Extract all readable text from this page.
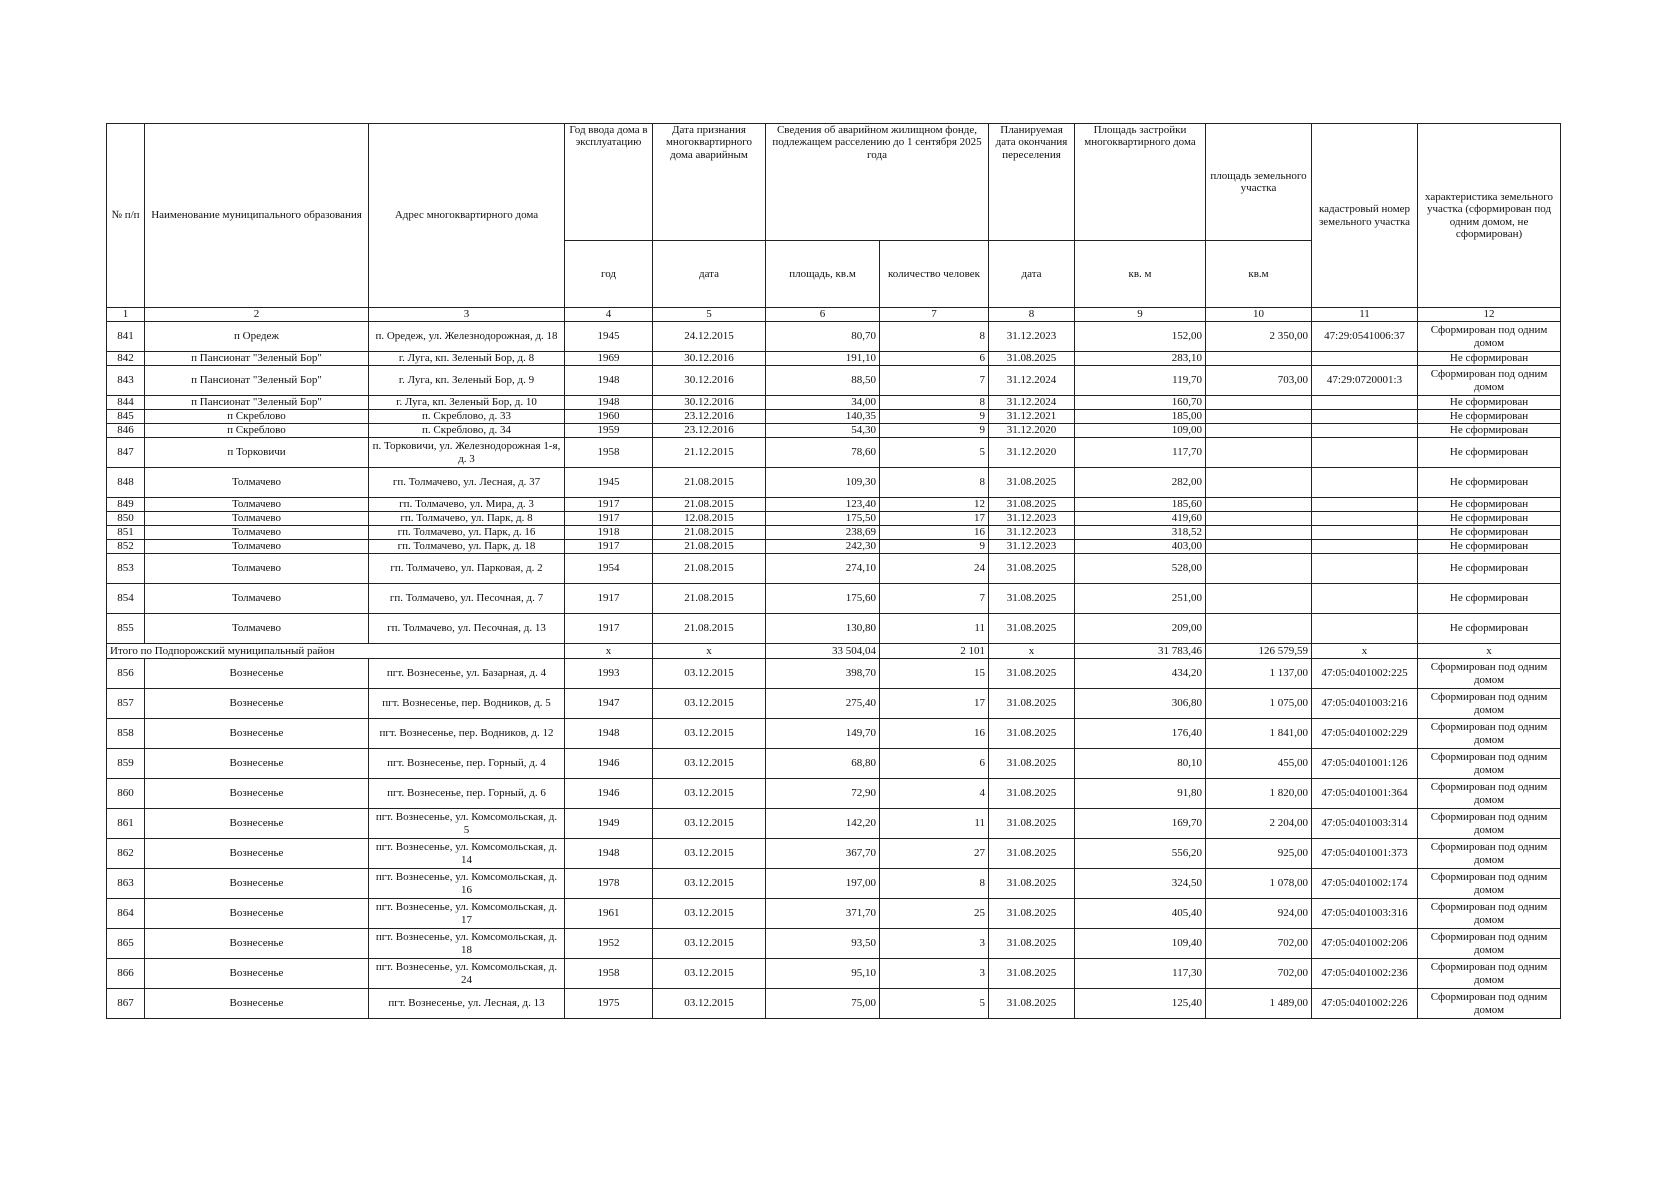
№ п/п	Наименование муниципального образования	Адрес многоквартирного дома	Год ввода дома в эксплуатацию	Дата признания многоквартирного дома аварийным	Сведения об аварийном жилищном фонде, подлежащем расселению до 1 сентября 2025 года		Планируемая дата окончания переселения	Площадь застройки многоквартирного дома	площадь земельного участка	кадастровый номер земельного участка	характеристика земельного участка (сформирован под одним домом, не сформирован)
			год	дата	площадь, кв.м	количество человек	дата	кв. м	кв.м		
1	2	3	4	5	6	7	8	9	10	11	12
841	п Оредеж	п. Оредеж, ул. Железнодорожная, д. 18	1945	24.12.2015	80,70	8	31.12.2023	152,00	2 350,00	47:29:0541006:37	Сформирован под одним домом
842	п Пансионат "Зеленый Бор"	г. Луга, кп. Зеленый Бор, д. 8	1969	30.12.2016	191,10	6	31.08.2025	283,10			Не сформирован
843	п Пансионат "Зеленый Бор"	г. Луга, кп. Зеленый Бор, д. 9	1948	30.12.2016	88,50	7	31.12.2024	119,70	703,00	47:29:0720001:3	Сформирован под одним домом
844	п Пансионат "Зеленый Бор"	г. Луга, кп. Зеленый Бор, д. 10	1948	30.12.2016	34,00	8	31.12.2024	160,70			Не сформирован
845	п Скреблово	п. Скреблово, д. 33	1960	23.12.2016	140,35	9	31.12.2021	185,00			Не сформирован
846	п Скреблово	п. Скреблово, д. 34	1959	23.12.2016	54,30	9	31.12.2020	109,00			Не сформирован
847	п Торковичи	п. Торковичи, ул. Железнодорожная 1-я, д. 3	1958	21.12.2015	78,60	5	31.12.2020	117,70			Не сформирован
848	Толмачево	гп. Толмачево, ул. Лесная, д. 37	1945	21.08.2015	109,30	8	31.08.2025	282,00			Не сформирован
849	Толмачево	гп. Толмачево, ул. Мира, д. 3	1917	21.08.2015	123,40	12	31.08.2025	185,60			Не сформирован
850	Толмачево	гп. Толмачево, ул. Парк, д. 8	1917	12.08.2015	175,50	17	31.12.2023	419,60			Не сформирован
851	Толмачево	гп. Толмачево, ул. Парк, д. 16	1918	21.08.2015	238,69	16	31.12.2023	318,52			Не сформирован
852	Толмачево	гп. Толмачево, ул. Парк, д. 18	1917	21.08.2015	242,30	9	31.12.2023	403,00			Не сформирован
853	Толмачево	гп. Толмачево, ул. Парковая, д. 2	1954	21.08.2015	274,10	24	31.08.2025	528,00			Не сформирован
854	Толмачево	гп. Толмачево, ул. Песочная, д. 7	1917	21.08.2015	175,60	7	31.08.2025	251,00			Не сформирован
855	Толмачево	гп. Толмачево, ул. Песочная, д. 13	1917	21.08.2015	130,80	11	31.08.2025	209,00			Не сформирован
Итого по Подпорожский муниципальный район			x	x	33 504,04	2 101	x	31 783,46	126 579,59	x	x
856	Вознесенье	пгт. Вознесенье, ул. Базарная, д. 4	1993	03.12.2015	398,70	15	31.08.2025	434,20	1 137,00	47:05:0401002:225	Сформирован под одним домом
857	Вознесенье	пгт. Вознесенье, пер. Водников, д. 5	1947	03.12.2015	275,40	17	31.08.2025	306,80	1 075,00	47:05:0401003:216	Сформирован под одним домом
858	Вознесенье	пгт. Вознесенье, пер. Водников, д. 12	1948	03.12.2015	149,70	16	31.08.2025	176,40	1 841,00	47:05:0401002:229	Сформирован под одним домом
859	Вознесенье	пгт. Вознесенье, пер. Горный, д. 4	1946	03.12.2015	68,80	6	31.08.2025	80,10	455,00	47:05:0401001:126	Сформирован под одним домом
860	Вознесенье	пгт. Вознесенье, пер. Горный, д. 6	1946	03.12.2015	72,90	4	31.08.2025	91,80	1 820,00	47:05:0401001:364	Сформирован под одним домом
861	Вознесенье	пгт. Вознесенье, ул. Комсомольская, д. 5	1949	03.12.2015	142,20	11	31.08.2025	169,70	2 204,00	47:05:0401003:314	Сформирован под одним домом
862	Вознесенье	пгт. Вознесенье, ул. Комсомольская, д. 14	1948	03.12.2015	367,70	27	31.08.2025	556,20	925,00	47:05:0401001:373	Сформирован под одним домом
863	Вознесенье	пгт. Вознесенье, ул. Комсомольская, д. 16	1978	03.12.2015	197,00	8	31.08.2025	324,50	1 078,00	47:05:0401002:174	Сформирован под одним домом
864	Вознесенье	пгт. Вознесенье, ул. Комсомольская, д. 17	1961	03.12.2015	371,70	25	31.08.2025	405,40	924,00	47:05:0401003:316	Сформирован под одним домом
865	Вознесенье	пгт. Вознесенье, ул. Комсомольская, д. 18	1952	03.12.2015	93,50	3	31.08.2025	109,40	702,00	47:05:0401002:206	Сформирован под одним домом
866	Вознесенье	пгт. Вознесенье, ул. Комсомольская, д. 24	1958	03.12.2015	95,10	3	31.08.2025	117,30	702,00	47:05:0401002:236	Сформирован под одним домом
867	Вознесенье	пгт. Вознесенье, ул. Лесная, д. 13	1975	03.12.2015	75,00	5	31.08.2025	125,40	1 489,00	47:05:0401002:226	Сформирован под одним домом
